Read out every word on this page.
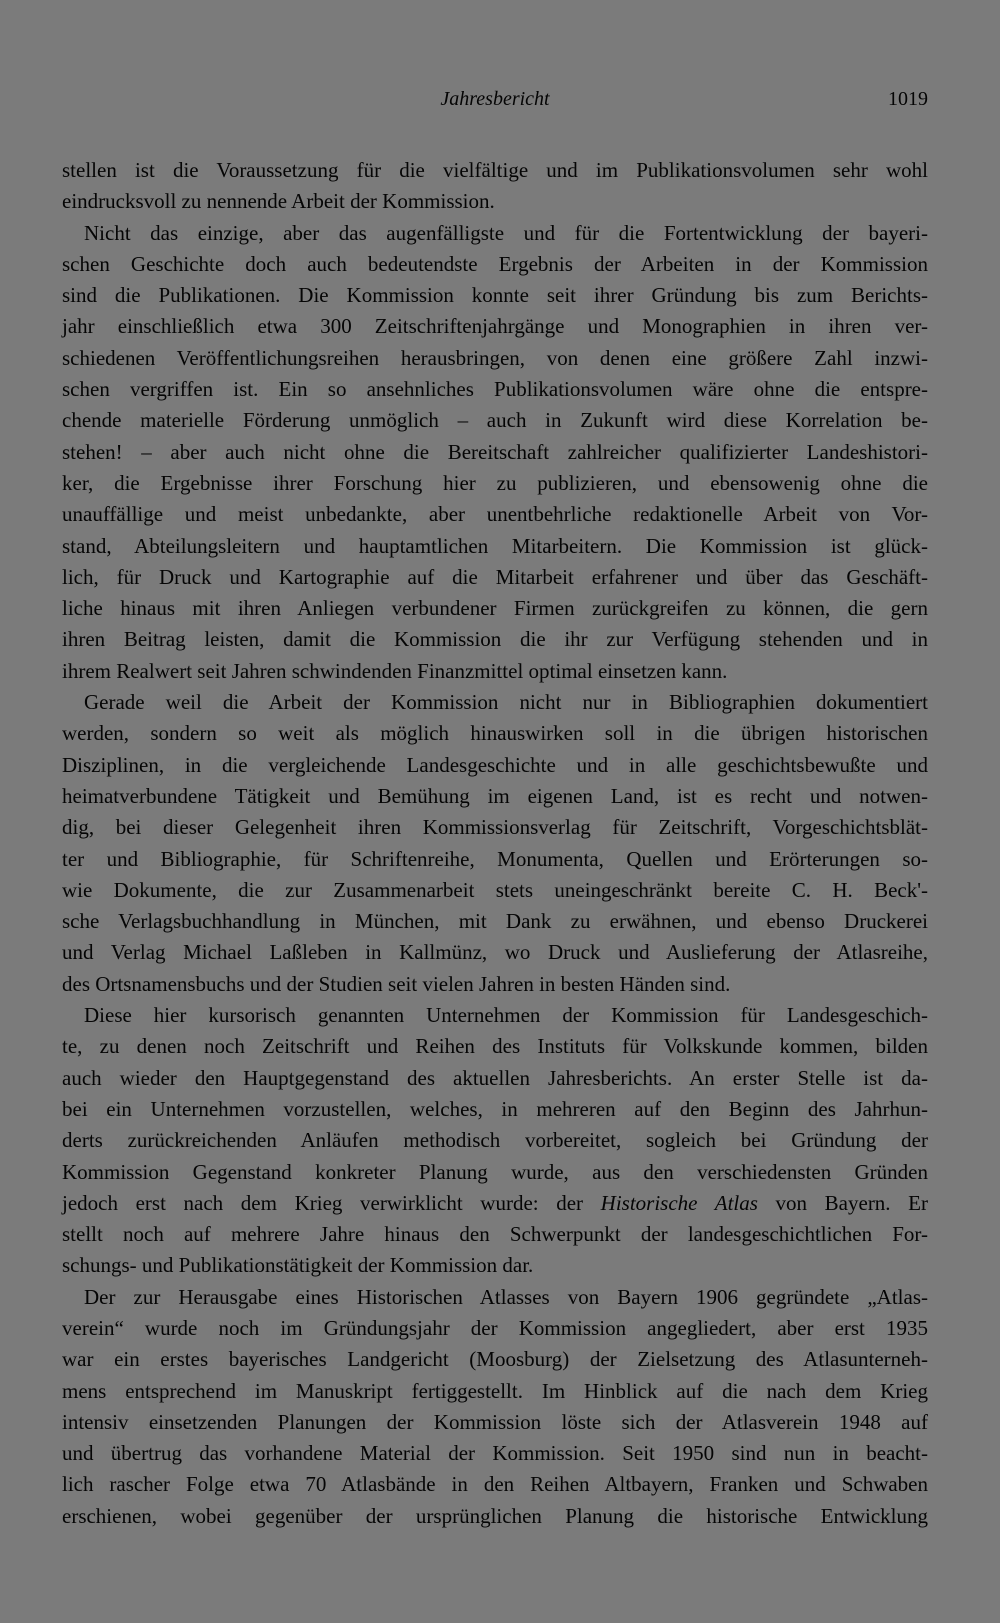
Jahresbericht	1019
stellen ist die Voraussetzung für die vielfältige und im Publikationsvolumen sehr wohl
eindrucksvoll zu nennende Arbeit der Kommission.
Nicht das einzige, aber das augenfälligste und für die Fortentwicklung der bayeri-
schen Geschichte doch auch bedeutendste Ergebnis der Arbeiten in der Kommission
sind die Publikationen. Die Kommission konnte seit ihrer Gründung bis zum Berichts-
jahr einschließlich etwa 300 Zeitschriftenjahrgänge und Monographien in ihren ver-
schiedenen Veröffentlichungsreihen herausbringen, von denen eine größere Zahl inzwi-
schen vergriffen ist. Ein so ansehnliches Publikationsvolumen wäre ohne die entspre-
chende materielle Förderung unmöglich – auch in Zukunft wird diese Korrelation be-
stehen! – aber auch nicht ohne die Bereitschaft zahlreicher qualifizierter Landeshistori-
ker, die Ergebnisse ihrer Forschung hier zu publizieren, und ebensowenig ohne die
unauffällige und meist unbedankte, aber unentbehrliche redaktionelle Arbeit von Vor-
stand, Abteilungsleitern und hauptamtlichen Mitarbeitern. Die Kommission ist glück-
lich, für Druck und Kartographie auf die Mitarbeit erfahrener und über das Geschäft-
liche hinaus mit ihren Anliegen verbundener Firmen zurückgreifen zu können, die gern
ihren Beitrag leisten, damit die Kommission die ihr zur Verfügung stehenden und in
ihrem Realwert seit Jahren schwindenden Finanzmittel optimal einsetzen kann.
Gerade weil die Arbeit der Kommission nicht nur in Bibliographien dokumentiert
werden, sondern so weit als möglich hinauswirken soll in die übrigen historischen
Disziplinen, in die vergleichende Landesgeschichte und in alle geschichtsbewußte und
heimatverbundene Tätigkeit und Bemühung im eigenen Land, ist es recht und notwen-
dig, bei dieser Gelegenheit ihren Kommissionsverlag für Zeitschrift, Vorgeschichtsblät-
ter und Bibliographie, für Schriftenreihe, Monumenta, Quellen und Erörterungen so-
wie Dokumente, die zur Zusammenarbeit stets uneingeschränkt bereite C. H. Beck'-
sche Verlagsbuchhandlung in München, mit Dank zu erwähnen, und ebenso Druckerei
und Verlag Michael Laßleben in Kallmünz, wo Druck und Auslieferung der Atlasreihe,
des Ortsnamensbuchs und der Studien seit vielen Jahren in besten Händen sind.
Diese hier kursorisch genannten Unternehmen der Kommission für Landesgeschich-
te, zu denen noch Zeitschrift und Reihen des Instituts für Volkskunde kommen, bilden
auch wieder den Hauptgegenstand des aktuellen Jahresberichts. An erster Stelle ist da-
bei ein Unternehmen vorzustellen, welches, in mehreren auf den Beginn des Jahrhun-
derts zurückreichenden Anläufen methodisch vorbereitet, sogleich bei Gründung der
Kommission Gegenstand konkreter Planung wurde, aus den verschiedensten Gründen
jedoch erst nach dem Krieg verwirklicht wurde: der Historische Atlas von Bayern. Er
stellt noch auf mehrere Jahre hinaus den Schwerpunkt der landesgeschichtlichen For-
schungs- und Publikationstätigkeit der Kommission dar.
Der zur Herausgabe eines Historischen Atlasses von Bayern 1906 gegründete „Atlas-
verein“ wurde noch im Gründungsjahr der Kommission angegliedert, aber erst 1935
war ein erstes bayerisches Landgericht (Moosburg) der Zielsetzung des Atlasunterneh-
mens entsprechend im Manuskript fertiggestellt. Im Hinblick auf die nach dem Krieg
intensiv einsetzenden Planungen der Kommission löste sich der Atlasverein 1948 auf
und übertrug das vorhandene Material der Kommission. Seit 1950 sind nun in beacht-
lich rascher Folge etwa 70 Atlasbände in den Reihen Altbayern, Franken und Schwaben
erschienen, wobei gegenüber der ursprünglichen Planung die historische Entwicklung
